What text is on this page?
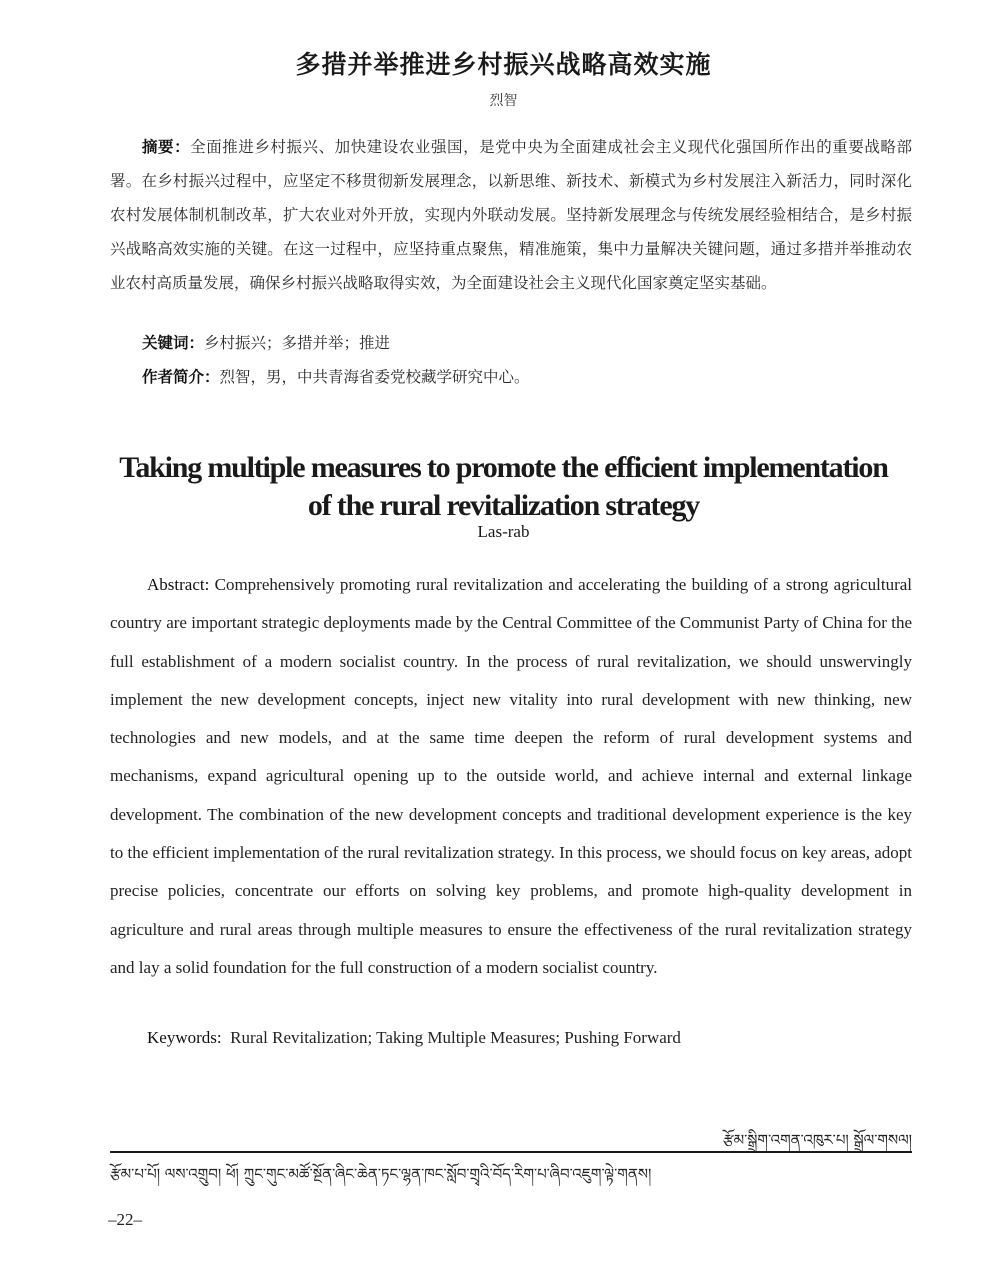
多措并举推进乡村振兴战略高效实施
烈智
摘要：全面推进乡村振兴、加快建设农业强国，是党中央为全面建成社会主义现代化强国所作出的重要战略部署。在乡村振兴过程中，应坚定不移贯彻新发展理念，以新思维、新技术、新模式为乡村发展注入新活力，同时深化农村发展体制机制改革，扩大农业对外开放，实现内外联动发展。坚持新发展理念与传统发展经验相结合，是乡村振兴战略高效实施的关键。在这一过程中，应坚持重点聚焦，精准施策，集中力量解决关键问题，通过多措并举推动农业农村高质量发展，确保乡村振兴战略取得实效，为全面建设社会主义现代化国家奠定坚实基础。
关键词：乡村振兴；多措并举；推进
作者简介：烈智，男，中共青海省委党校藏学研究中心。
Taking multiple measures to promote the efficient implementation
of the rural revitalization strategy
Las-rab
Abstract: Comprehensively promoting rural revitalization and accelerating the building of a strong agricultural country are important strategic deployments made by the Central Committee of the Communist Party of China for the full establishment of a modern socialist country. In the process of rural revitalization, we should unswervingly implement the new development concepts, inject new vitality into rural development with new thinking, new technologies and new models, and at the same time deepen the reform of rural development systems and mechanisms, expand agricultural opening up to the outside world, and achieve internal and external linkage development. The combination of the new development concepts and traditional development experience is the key to the efficient implementation of the rural revitalization strategy. In this process, we should focus on key areas, adopt precise policies, concentrate our efforts on solving key problems, and promote high-quality development in agriculture and rural areas through multiple measures to ensure the effectiveness of the rural revitalization strategy and lay a solid foundation for the full construction of a modern socialist country.
Keywords:  Rural Revitalization; Taking Multiple Measures; Pushing Forward
རྩོམ་སྒྲིག་འགན་འཁུར་པ། སྒྲོལ་གསལ།
རྩོམ་པ་པོ། ལས་འགྲུབ། ཕོ། ཀྲུང་གུང་མཚོ་སྔོན་ཞིང་ཆེན་ཏང་ལྷན་ཁང་སློབ་གྲྭའི་བོད་རིག་པ་ཞིབ་འཇུག་ལྟེ་གནས།
–22–
